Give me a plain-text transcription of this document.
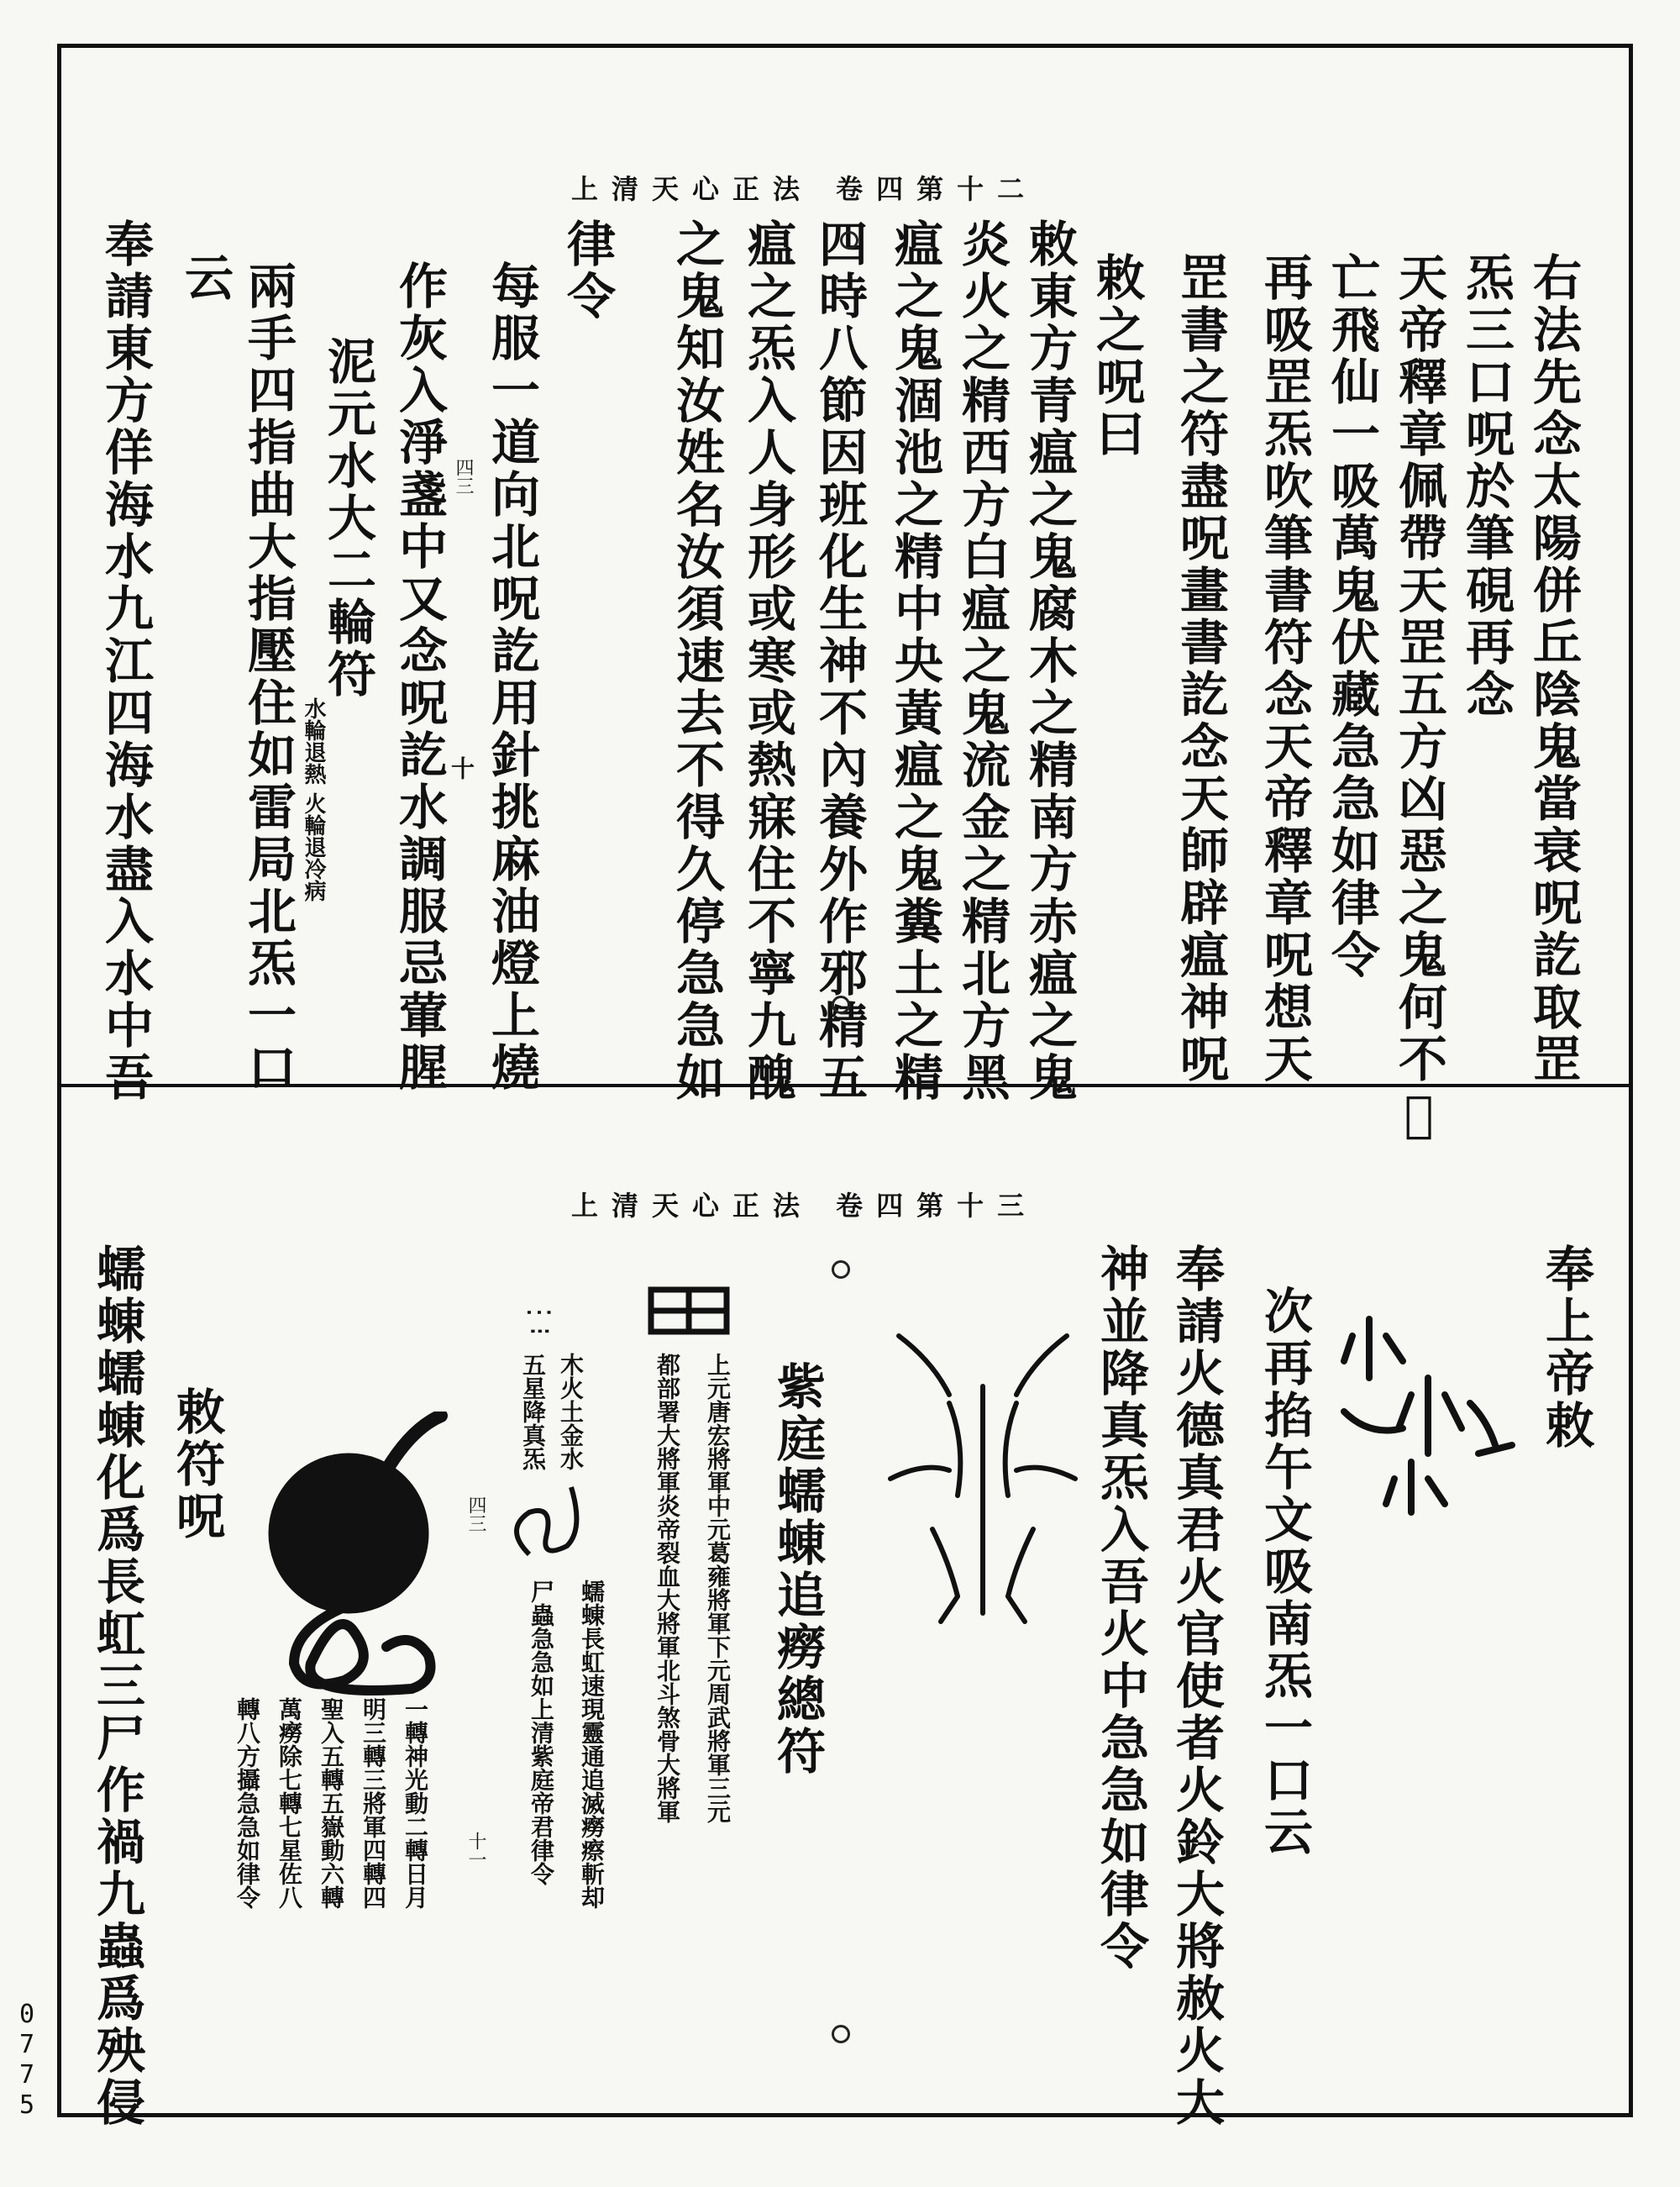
上清天心正法 卷四第十二
右法先念太陽併丘陰鬼當衰呪訖取罡
炁三口呪於筆硯再念
天帝釋章佩帶天罡五方凶惡之鬼何不𢦤
亡飛仙一吸萬鬼伏藏急急如律令
再吸罡炁吹筆書符念天帝釋章呪想天
罡書之符盡呪畫書訖念天師辟瘟神呪
敕之呪曰
敕東方青瘟之鬼腐木之精南方赤瘟之鬼
炎火之精西方白瘟之鬼流金之精北方黑
瘟之鬼涸池之精中央黃瘟之鬼糞土之精
四時八節因班化生神不內養外作邪精五
瘟之炁入人身形或寒或熱寐住不寧九醜
之鬼知汝姓名汝須速去不得久停急急如
律令
每服一道向北呪訖用針挑麻油燈上燒
作灰入淨盞中又念呪訖水調服忌葷腥
泥元水大二輪符
水輪退熱 火輪退冷病
兩手四指曲大指壓住如雷局北炁一口
云
奉請東方佯海水九江四海水盡入水中吾	四三
十
上清天心正法 卷四第十三
奉上帝敕
次再掐午文吸南炁一口云
奉請火德真君火官使者火鈴大將赦火大
神並降真炁入吾火中急急如律令
紫庭蠕蝀追癆總符
敕符呪
蠕蝀蠕蝀化爲長虹三尸作禍九蟲爲殃侵	上元唐宏將軍中元葛雍將軍下元周武將軍三元
都部署大將軍炎帝裂血大將軍北斗煞骨大將軍
⋮⁝
木火土金水
五星降真炁
四三
蠕蝀長虹速現靈通追滅癆瘵斬却
尸蟲急急如上清紫庭帝君律令
十一
一轉神光動二轉日月
明三轉三將軍四轉四
聖入五轉五嶽動六轉
萬癆除七轉七星佐八
轉八方攝急急如律令
0
7
7
5
